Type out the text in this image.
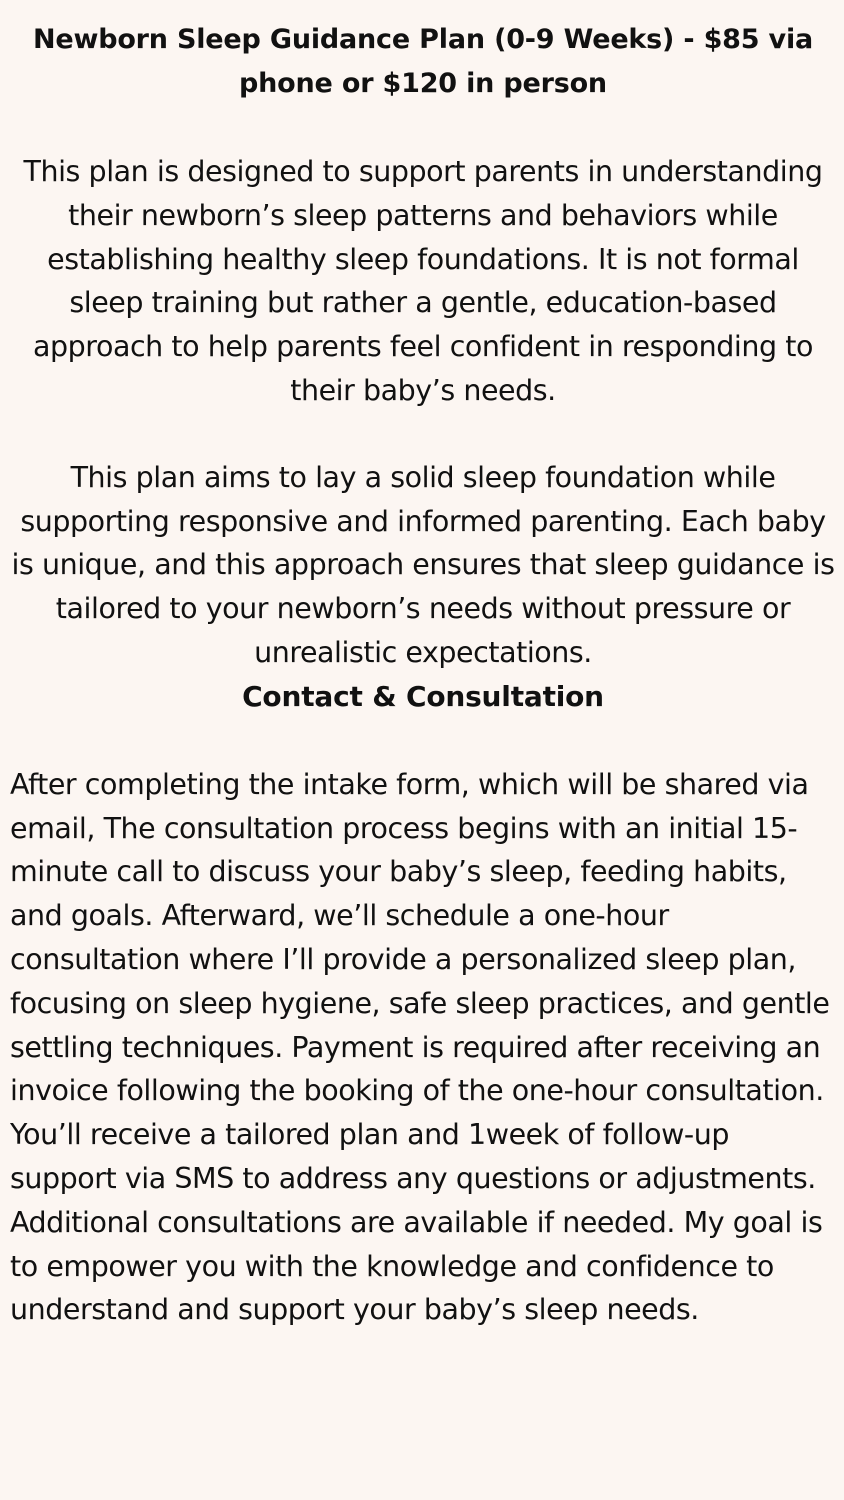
Newborn Sleep Guidance Plan (0-9 Weeks) - $85 via phone or $120 in person

This plan is designed to support parents in understanding their newborn’s sleep patterns and behaviors while establishing healthy sleep foundations. It is not formal sleep training but rather a gentle, education-based approach to help parents feel confident in responding to their baby’s needs.

This plan aims to lay a solid sleep foundation while supporting responsive and informed parenting. Each baby is unique, and this approach ensures that sleep guidance is tailored to your newborn’s needs without pressure or unrealistic expectations.

Contact & Consultation

After completing the intake form, which will be shared via email, The consultation process begins with an initial 15-minute call to discuss your baby’s sleep, feeding habits, and goals. Afterward, we’ll schedule a one-hour consultation where I’ll provide a personalized sleep plan, focusing on sleep hygiene, safe sleep practices, and gentle settling techniques. Payment is required after receiving an invoice following the booking of the one-hour consultation. You’ll receive a tailored plan and 1week of follow-up support via SMS to address any questions or adjustments. Additional consultations are available if needed. My goal is to empower you with the knowledge and confidence to understand and support your baby’s sleep needs.
